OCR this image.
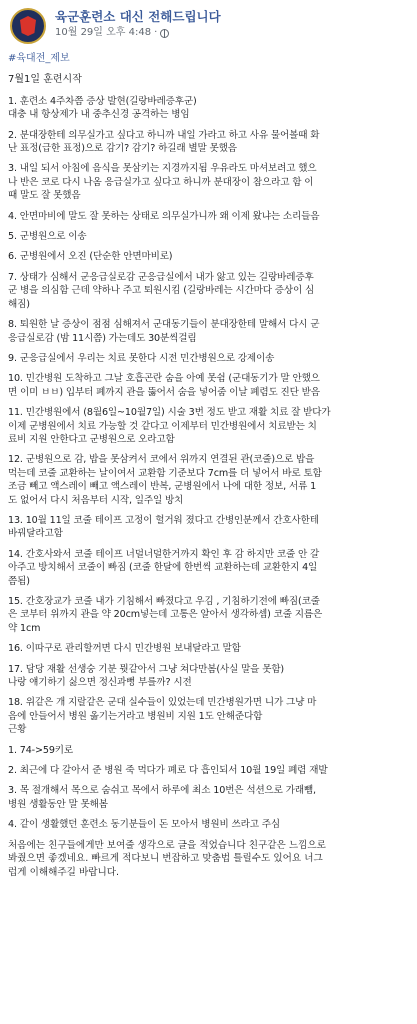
육군훈련소 대신 전해드립니다
10월 29일 오후 4:48 ·
#육대전_제보
7월1일 훈련시작
1. 훈련소 4주차쯤 증상 발현(길랑바레증후군)
대충 내 항상제가 내 중추신경 공격하는 병임
2. 분대장한테 의무실가고 싶다고 하니까 내일 가라고 하고 사유 물어볼때 화
난 표정(급한 표정)으로 감기? 감기? 하길래 별말 못했음
3. 내일 되서 아침에 음식을 못삼키는 지경까지됨 우유라도 마셔보려고 했으
나 반은 코로 다시 나옴 응급실가고 싶다고 하니까 분대장이 참으라고 함 이
때 말도 잘 못했음
4. 안면마비에 말도 잘 못하는 상태로 의무실가니까 왜 이제 왔냐는 소리들음
5. 군병원으로 이송
6. 군병원에서 오진 (단순한 안면마비로)
7. 상태가 심해서 군응급실로감 군응급실에서 내가 앓고 있는 길랑바레증후
군 병을 의심함 근데 약하나 주고 퇴원시킴 (길랑바레는 시간마다 증상이 심
해짐)
8. 퇴원한 날 증상이 점점 심해져서 군대동기들이 분대장한테 말해서 다시 군
응급실로감 (밤 11시쯤) 가는데도 30분씩걸림
9. 군응급실에서 우리는 치료 못한다 시전 민간병원으로 강제이송
10. 민간병원 도착하고 그날 호흡곤란 숨을 아예 못쉼 (군대동기가 말 안했으
면 이미 ㅂㅂ) 입부터 폐까지 관을 뚫어서 숨을 넣어줌 이날 폐렴도 진단 받음
11. 민간병원에서 (8월6일~10월7일) 시술 3번 정도 받고 재활 치료 잘 받다가
이제 군병원에서 치료 가능할 것 같다고 이제부터 민간병원에서 치료받는 치
료비 지원 안한다고 군병원으로 오라고함
12. 군병원으로 감, 밥을 못삼켜서 코에서 위까지 연결된 관(코줄)으로 밥을
먹는데 코줄 교환하는 날이여서 교환함 기준보다 7cm를 더 넣어서 바로 토함
조금 빼고 액스레이 빼고 액스레이 반복, 군병원에서 나에 대한 정보, 서류 1
도 없어서 다시 처음부터 시작, 일주일 방치
13. 10월 11일 코줄 테이프 고정이 헐거워 졌다고 간병인분께서 간호사한테
바꿔달라고함
14. 간호사와서 코줄 테이프 너덜너덜한거까지 확인 후 감 하지만 코줄 안 갈
아주고 방치해서 코줄이 빠짐 (코줄 한달에 한번씩 교환하는데 교환한지 4일
쯤됨)
15. 간호장교가 코줄 내가 기침해서 빠졌다고 우김 , 기침하기전에 빠짐(코줄
은 코부터 위까지 관을 약 20cm넣는데 고통은 알아서 생각하셈) 코줄 지름은
약 1cm
16. 이따구로 관리할꺼면 다시 민간병원 보내달라고 말함
17. 담당 재활 선생숭 기분 뭣같아서 그냥 쳐다만봄(사실 말을 못함)
나랑 얘기하기 싫으면 정신과뻥 부를까? 시전
18. 위같은 개 지랄같은 군대 실수들이 있었는데 민간병원가면 니가 그냥 마
음에 안들어서 병원 옮기는거라고 병원비 지원 1도 안해준다함
근황
1. 74->59키로
2. 최근에 다 갈아서 준 병원 죽 먹다가 폐로 다 흡인되서 10월 19일 폐렴 재발
3. 목 절개해서 목으로 숨쉬고 목에서 하루에 최소 10번은 석션으로 가래뺌,
병원 생활동안 말 못해봄
4. 같이 생활했던 훈련소 동기분들이 돈 모아서 병원비 쓰라고 주심
처음에는 친구들에게만 보여줄 생각으로 글을 적었습니다 친구같은 느낌으로
봐줬으면 좋겠네요. 빠르게 적다보니 번잡하고 맞춤법 틀릴수도 있어요 너그
럽게 이해해주길 바랍니다.
